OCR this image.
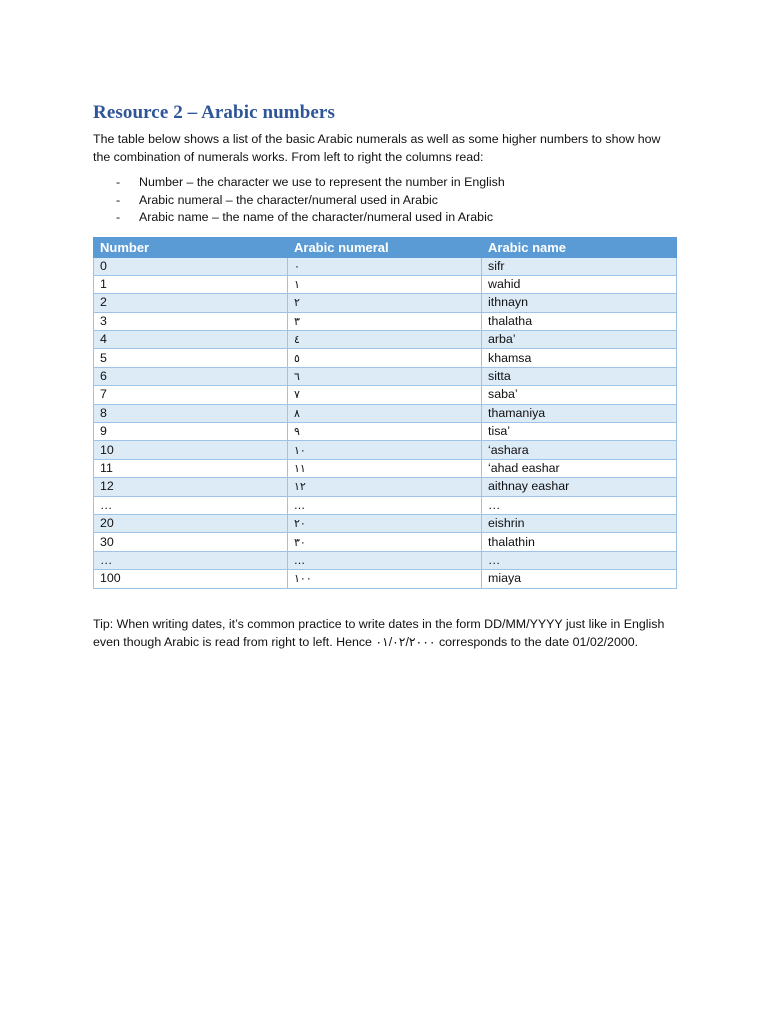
Resource 2 – Arabic numbers

The table below shows a list of the basic Arabic numerals as well as some higher numbers to show how the combination of numerals works. From left to right the columns read:

- Number – the character we use to represent the number in English
- Arabic numeral – the character/numeral used in Arabic
- Arabic name – the name of the character/numeral used in Arabic
Number	Arabic numeral	Arabic name
0	٠	sifr
1	١	wahid
2	٢	ithnayn
3	٣	thalatha
4	٤	arba’
5	٥	khamsa
6	٦	sitta
7	٧	saba’
8	٨	thamaniya
9	٩	tisa’
10	١٠	‘ashara
11	١١	‘ahad eashar
12	١٢	aithnay eashar
…	…	…
20	٢٠	eishrin
30	٣٠	thalathin
…	…	…
100	١٠٠	miaya

Tip: When writing dates, it’s common practice to write dates in the form DD/MM/YYYY just like in English even though Arabic is read from right to left. Hence ٠١/٠٢/٢٠٠٠ corresponds to the date 01/02/2000.
